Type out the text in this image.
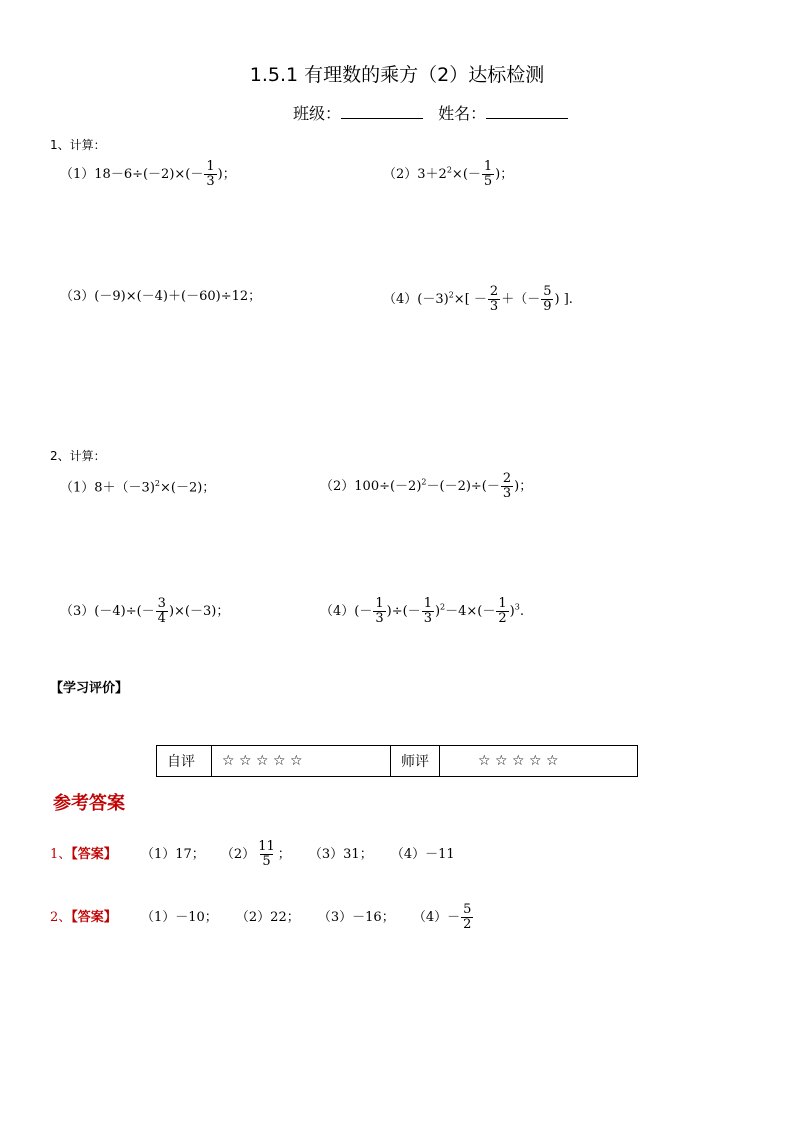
1.5.1 有理数的乘方（2）达标检测
班级：	姓名：
1、计算：
$(1)18-6\div(-2)\times(- \frac{1}{3}$ )；	$(2)3+2^2\times(- \frac{1}{5}$ )；
（3）(－9)×(－4)＋(－60)÷12；	$(4)(-3)^2\times[ - \frac{2}{3}$ ＋（－ $\frac{5}{9}$ ) ].
2、计算：
（1）8＋（－3)$^2$×(－2)；	$(2)100\div(-2)^2-(-2)\div(- \frac{2}{3}$ )；
$(3)(-4)\div(- \frac{3}{4} )\times(-3)$；	$(4)(- \frac{1}{3}$ )÷(－ $\frac{1}{3} )^2-4\times(- \frac{1}{2} )^3$.
【学习评价】
自评	☆ ☆ ☆ ☆ ☆	师评	☆ ☆ ☆ ☆ ☆
参考答案
1、【答案】 （1）17； $(2) \frac{11}{5}$ ； （3）31； （4）－11
2、【答案】 （1）－10； （2）22； （3）－16； $(4)- \frac{5}{2}$
